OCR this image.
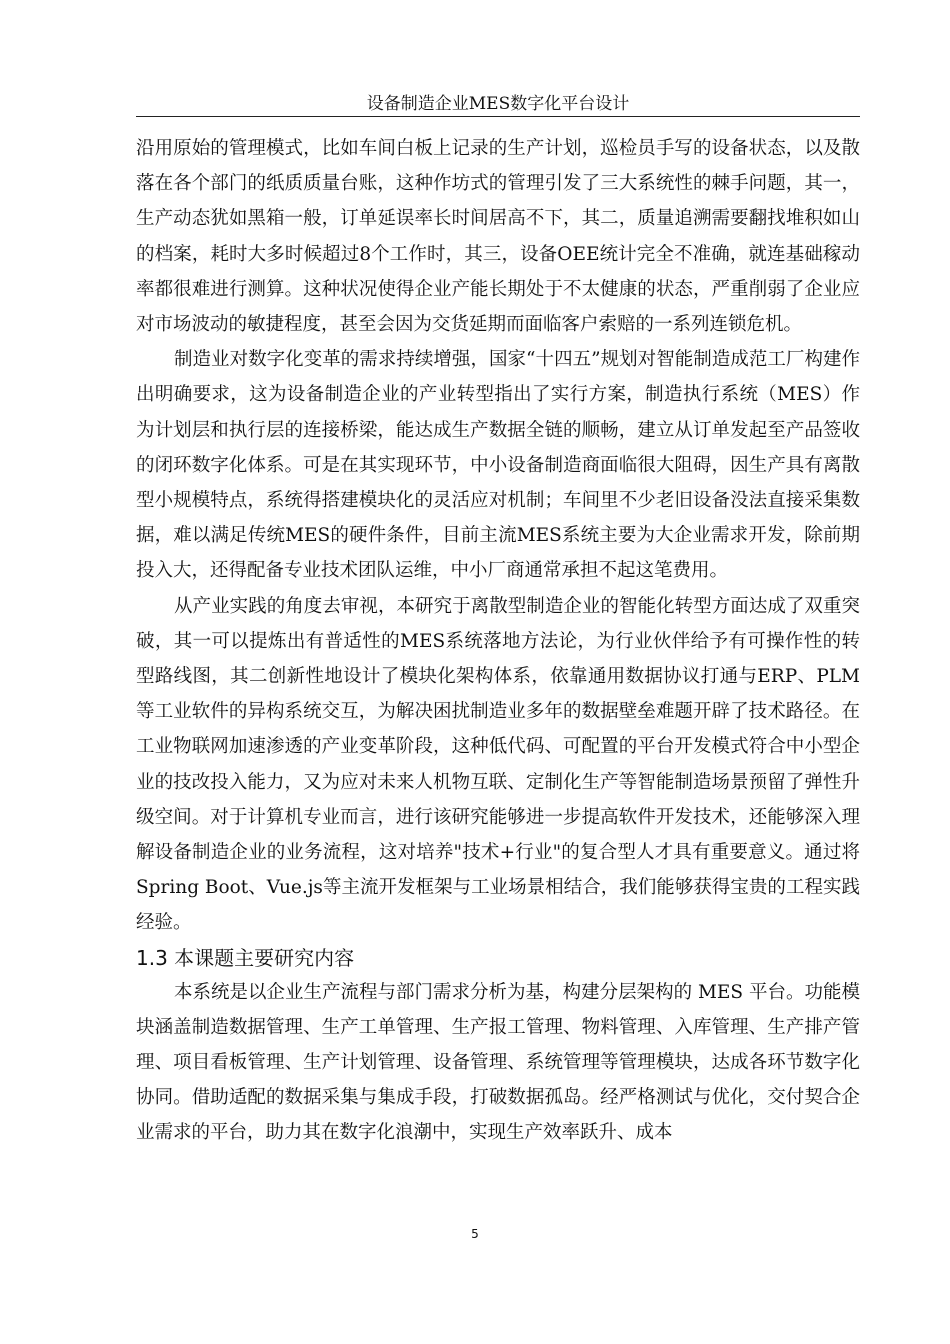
设备制造企业MES数字化平台设计

沿用原始的管理模式，比如车间白板上记录的生产计划，巡检员手写的设备状态，以及散落在各个部门的纸质质量台账，这种作坊式的管理引发了三大系统性的棘手问题，其一，生产动态犹如黑箱一般，订单延误率长时间居高不下，其二，质量追溯需要翻找堆积如山的档案，耗时大多时候超过8个工作时，其三，设备OEE统计完全不准确，就连基础稼动率都很难进行测算。这种状况使得企业产能长期处于不太健康的状态，严重削弱了企业应对市场波动的敏捷程度，甚至会因为交货延期而面临客户索赔的一系列连锁危机。

制造业对数字化变革的需求持续增强，国家“十四五”规划对智能制造成范工厂构建作出明确要求，这为设备制造企业的产业转型指出了实行方案，制造执行系统（MES）作为计划层和执行层的连接桥梁，能达成生产数据全链的顺畅，建立从订单发起至产品签收的闭环数字化体系。可是在其实现环节，中小设备制造商面临很大阻碍，因生产具有离散型小规模特点，系统得搭建模块化的灵活应对机制；车间里不少老旧设备没法直接采集数据，难以满足传统MES的硬件条件，目前主流MES系统主要为大企业需求开发，除前期投入大，还得配备专业技术团队运维，中小厂商通常承担不起这笔费用。

从产业实践的角度去审视，本研究于离散型制造企业的智能化转型方面达成了双重突破，其一可以提炼出有普适性的MES系统落地方法论，为行业伙伴给予有可操作性的转型路线图，其二创新性地设计了模块化架构体系，依靠通用数据协议打通与ERP、PLM等工业软件的异构系统交互，为解决困扰制造业多年的数据壁垒难题开辟了技术路径。在工业物联网加速渗透的产业变革阶段，这种低代码、可配置的平台开发模式符合中小型企业的技改投入能力，又为应对未来人机物互联、定制化生产等智能制造场景预留了弹性升级空间。对于计算机专业而言，进行该研究能够进一步提高软件开发技术，还能够深入理解设备制造企业的业务流程，这对培养"技术+行业"的复合型人才具有重要意义。通过将Spring Boot、Vue.js等主流开发框架与工业场景相结合，我们能够获得宝贵的工程实践经验。

1.3 本课题主要研究内容

本系统是以企业生产流程与部门需求分析为基，构建分层架构的 MES 平台。功能模块涵盖制造数据管理、生产工单管理、生产报工管理、物料管理、入库管理、生产排产管理、项目看板管理、生产计划管理、设备管理、系统管理等管理模块，达成各环节数字化协同。借助适配的数据采集与集成手段，打破数据孤岛。经严格测试与优化，交付契合企业需求的平台，助力其在数字化浪潮中，实现生产效率跃升、成本

5
